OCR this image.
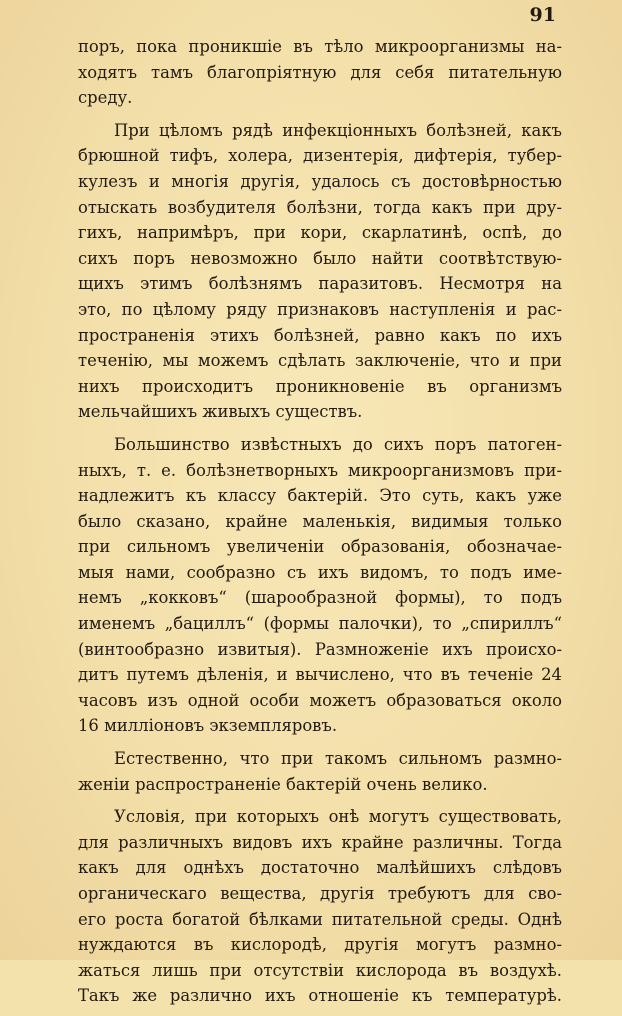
91

поръ, пока проникшіе въ тѣло микроорганизмы на-
ходятъ тамъ благопріятную для себя питательную
среду.

При цѣломъ рядѣ инфекціонныхъ болѣзней, какъ
брюшной тифъ, холера, дизентерія, дифтерія, тубер-
кулезъ и многія другія, удалось съ достовѣрностью
отыскать возбудителя болѣзни, тогда какъ при дру-
гихъ, напримѣръ, при кори, скарлатинѣ, оспѣ, до
сихъ поръ невозможно было найти соотвѣтствую-
щихъ этимъ болѣзнямъ паразитовъ. Несмотря на
это, по цѣлому ряду признаковъ наступленія и рас-
пространенія этихъ болѣзней, равно какъ по ихъ
теченію, мы можемъ сдѣлать заключеніе, что и при
нихъ происходитъ проникновеніе въ организмъ
мельчайшихъ живыхъ существъ.

Большинство извѣстныхъ до сихъ поръ патоген-
ныхъ, т. е. болѣзнетворныхъ микроорганизмовъ при-
надлежитъ къ классу бактерій. Это суть, какъ уже
было сказано, крайне маленькія, видимыя только
при сильномъ увеличеніи образованія, обозначае-
мыя нами, сообразно съ ихъ видомъ, то подъ име-
немъ „кокковъ“ (шарообразной формы), то подъ
именемъ „бациллъ“ (формы палочки), то „спириллъ“
(винтообразно извитыя). Размноженіе ихъ происхо-
дитъ путемъ дѣленія, и вычислено, что въ теченіе 24
часовъ изъ одной особи можетъ образоваться около
16 милліоновъ экземпляровъ.

Естественно, что при такомъ сильномъ размно-
женіи распространеніе бактерій очень велико.

Условія, при которыхъ онѣ могутъ существовать,
для различныхъ видовъ ихъ крайне различны. Тогда
какъ для однѣхъ достаточно малѣйшихъ слѣдовъ
органическаго вещества, другія требуютъ для сво-
его роста богатой бѣлками питательной среды. Однѣ
нуждаются въ кислородѣ, другія могутъ размно-
жаться лишь при отсутствіи кислорода въ воздухѣ.
Такъ же различно ихъ отношеніе къ температурѣ.
